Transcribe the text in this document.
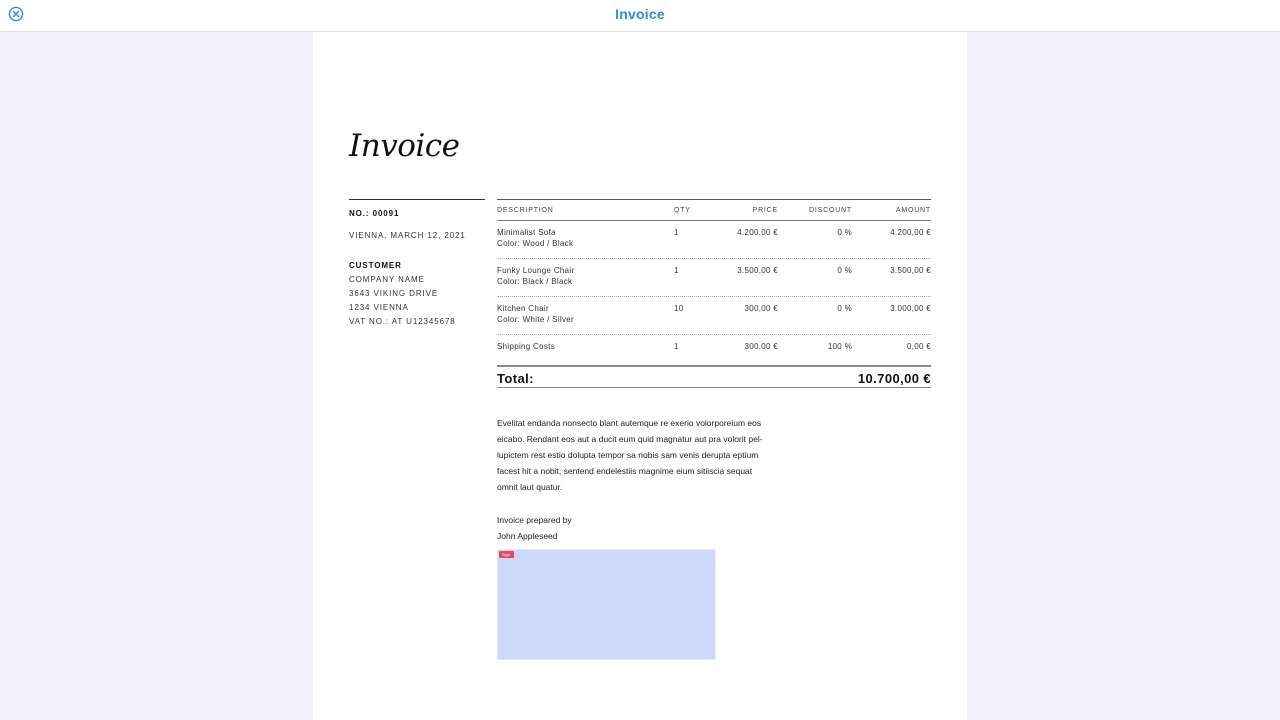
Invoice
Invoice
NO.: 00091
VIENNA, MARCH 12, 2021
CUSTOMER
COMPANY NAME
3643 VIKING DRIVE
1234 VIENNA
VAT NO.: AT U12345678
DESCRIPTION	QTY	PRICE	DISCOUNT	AMOUNT
Minimalist Sofa
Color: Wood / Black
1	4.200,00 €	0 %	4.200,00 €
Funky Lounge Chair
Color: Black / Black
1	3.500,00 €	0 %	3.500,00 €
Kitchen Chair
Color: White / Silver
10	300,00 €	0 %	3.000,00 €
Shipping Costs	1	300,00 €	100 %	0,00 €
Total:	10.700,00 €
Evelitat endanda nonsecto blant autemque re exerio volorporeium eos
eicabo. Rendant eos aut a ducit eum quid magnatur aut pra volorit pel-
lupictem rest estio dolupta tempor sa nobis sam venis derupta eptium
facest hit a nobit, sentend endelestiis magnime eium sitiiscia sequat
omnit laut quatur.
Invoice prepared by
John Appleseed
Sign
